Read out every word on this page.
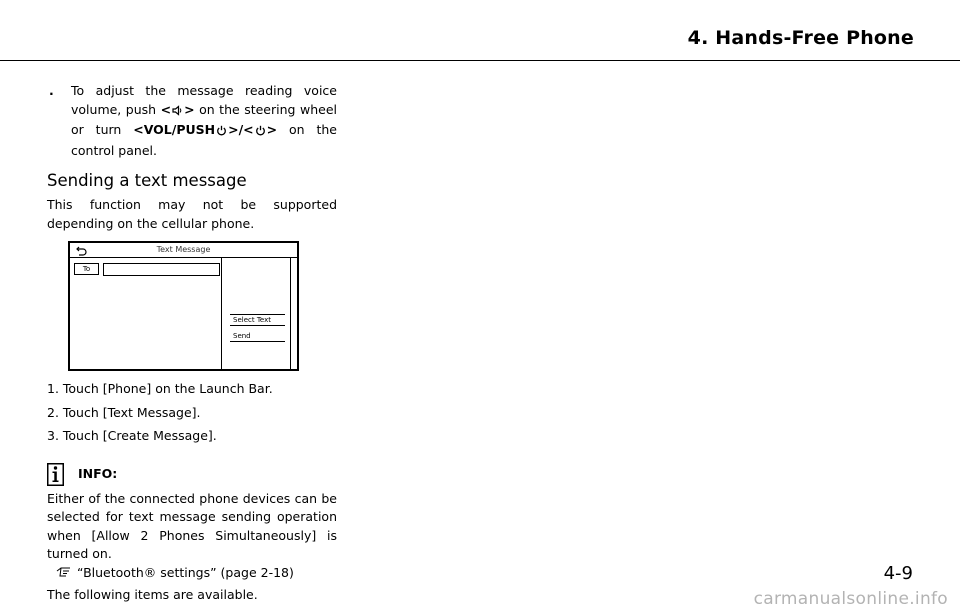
4. Hands-Free Phone
.	To adjust the message reading voice volume, push < > on the steering wheel or turn <VOL/PUSH >/< > on the control panel.
Sending a text message
This function may not be supported depending on the cellular phone.
Text Message
To
Select Text
Send
1. Touch [Phone] on the Launch Bar.
2. Touch [Text Message].
3. Touch [Create Message].
INFO:
Either of the connected phone devices can be selected for text message sending operation when [Allow 2 Phones Simultaneously] is turned on.
“Bluetooth® settings” (page 2-18)
The following items are available.
4-9
carmanualsonline.info
